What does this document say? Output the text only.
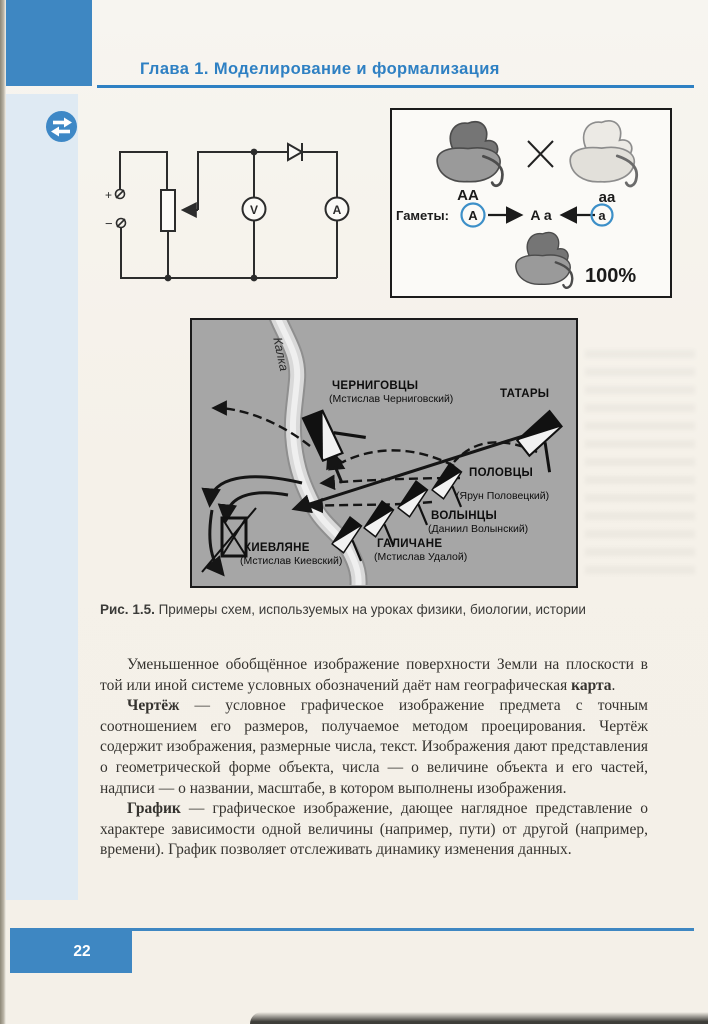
Глава 1. Моделирование и формализация
+
−
V	A
AA	aa
Гаметы: A	A a	a
100%
Калка
ЧЕРНИГОВЦЫ
(Мстислав Черниговский)	ТАТАРЫ
ПОЛОВЦЫ
(Ярун Половецкий)
ВОЛЫНЦЫ
(Даниил Волынский)
ГАЛИЧАНЕ
(Мстислав Удалой)
КИЕВЛЯНЕ
(Мстислав Киевский)
Рис. 1.5. Примеры схем, используемых на уроках физики, биологии, истории

Уменьшенное обобщённое изображение поверхности Земли на плоскости в той или иной системе условных обозначений даёт нам географическая карта.

Чертёж — условное графическое изображение предмета с точным соотношением его размеров, получаемое методом проецирования. Чертёж содержит изображения, размерные числа, текст. Изображения дают представления о геометрической форме объекта, числа — о величине объекта и его частей, надписи — о названии, масштабе, в котором выполнены изображения.

График — графическое изображение, дающее наглядное представление о характере зависимости одной величины (например, пути) от другой (например, времени). График позволяет отслеживать динамику изменения данных.

22
